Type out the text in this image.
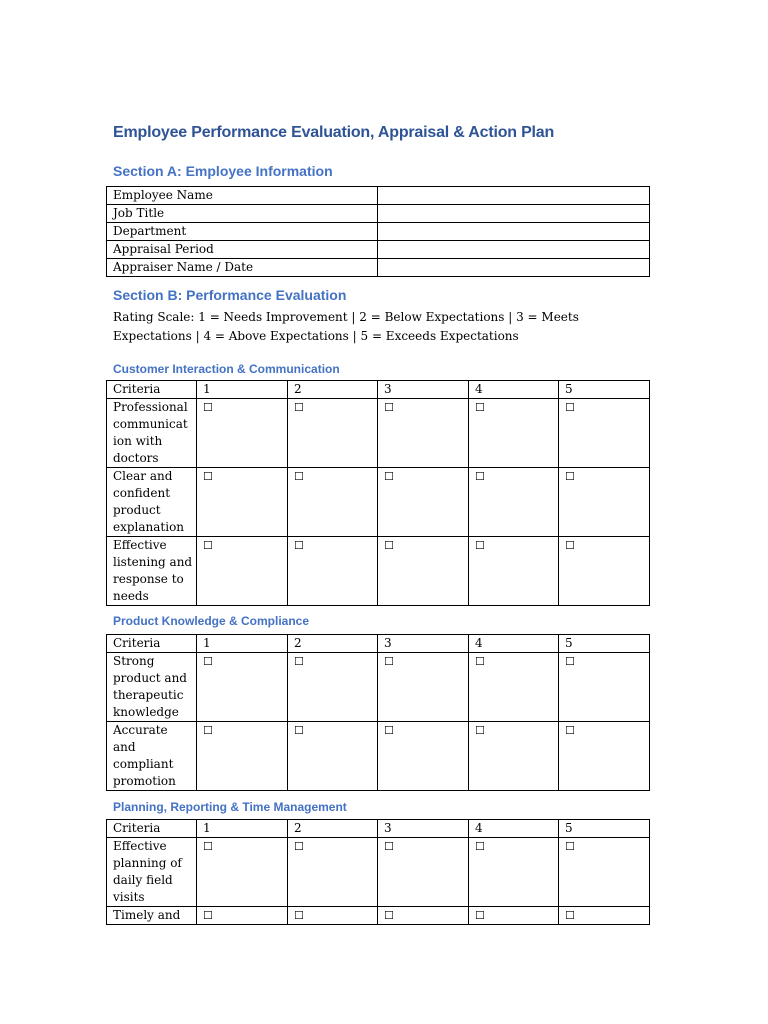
Employee Performance Evaluation, Appraisal & Action Plan
Section A: Employee Information
Employee Name	
Job Title	
Department	
Appraisal Period	
Appraiser Name / Date	
Section B: Performance Evaluation

Rating Scale: 1 = Needs Improvement | 2 = Below Expectations | 3 = Meets Expectations | 4 = Above Expectations | 5 = Exceeds Expectations

Customer Interaction & Communication
Criteria	1	2	3	4	5
Professional communicat ion with doctors	☐	☐	☐	☐	☐
Clear and confident product explanation	☐	☐	☐	☐	☐
Effective listening and response to needs	☐	☐	☐	☐	☐
Product Knowledge & Compliance
Criteria	1	2	3	4	5
Strong product and therapeutic knowledge	☐	☐	☐	☐	☐
Accurate and compliant promotion	☐	☐	☐	☐	☐
Planning, Reporting & Time Management
Criteria	1	2	3	4	5
Effective planning of daily field visits	☐	☐	☐	☐	☐
Timely and	☐	☐	☐	☐	☐
